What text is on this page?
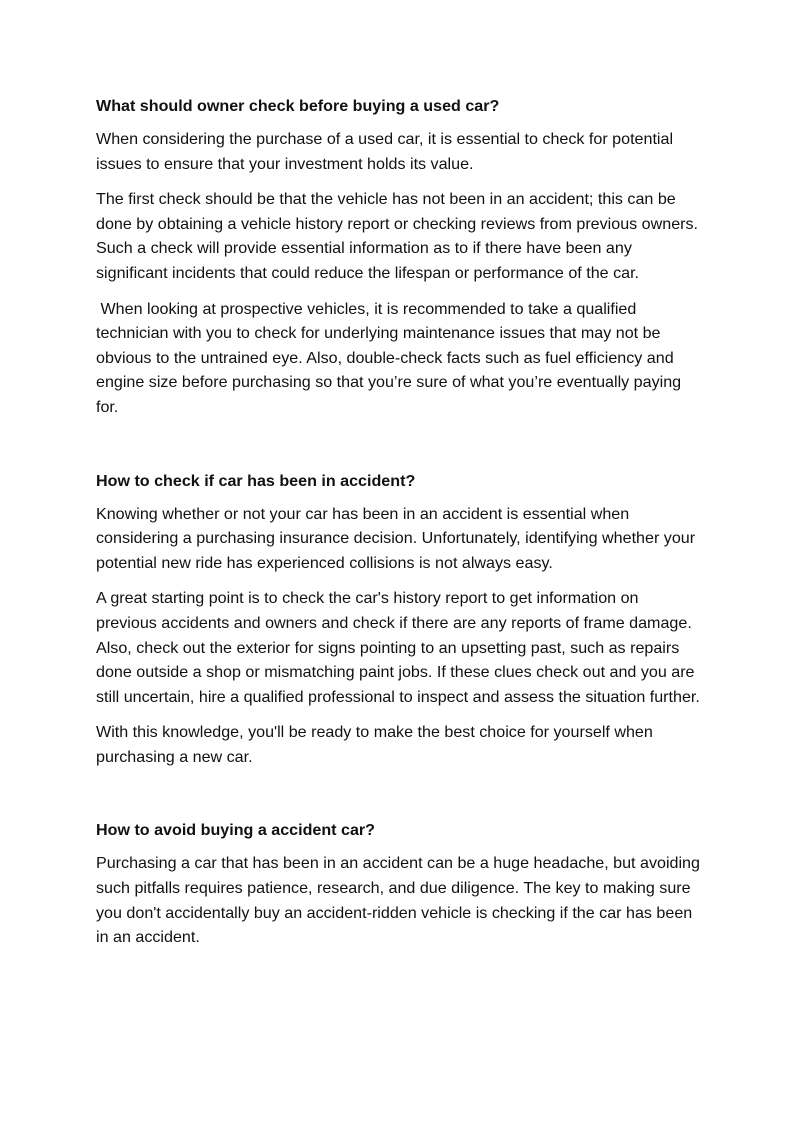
What should owner check before buying a used car?

When considering the purchase of a used car, it is essential to check for potential issues to ensure that your investment holds its value.

The first check should be that the vehicle has not been in an accident; this can be done by obtaining a vehicle history report or checking reviews from previous owners. Such a check will provide essential information as to if there have been any significant incidents that could reduce the lifespan or performance of the car.

When looking at prospective vehicles, it is recommended to take a qualified technician with you to check for underlying maintenance issues that may not be obvious to the untrained eye. Also, double-check facts such as fuel efficiency and engine size before purchasing so that you’re sure of what you’re eventually paying for.

How to check if car has been in accident?

Knowing whether or not your car has been in an accident is essential when considering a purchasing insurance decision. Unfortunately, identifying whether your potential new ride has experienced collisions is not always easy.

A great starting point is to check the car's history report to get information on previous accidents and owners and check if there are any reports of frame damage. Also, check out the exterior for signs pointing to an upsetting past, such as repairs done outside a shop or mismatching paint jobs. If these clues check out and you are still uncertain, hire a qualified professional to inspect and assess the situation further.

With this knowledge, you'll be ready to make the best choice for yourself when purchasing a new car.

How to avoid buying a accident car?

Purchasing a car that has been in an accident can be a huge headache, but avoiding such pitfalls requires patience, research, and due diligence. The key to making sure you don't accidentally buy an accident-ridden vehicle is checking if the car has been in an accident.
